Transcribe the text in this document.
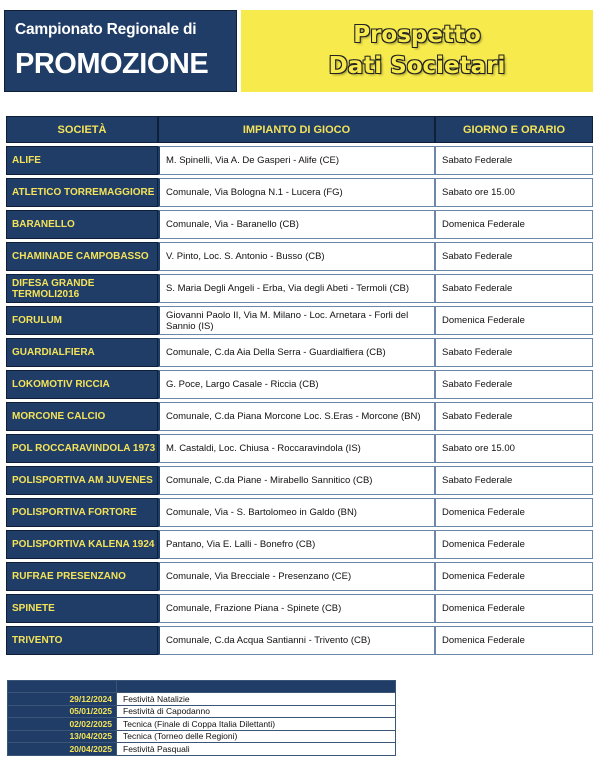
Campionato Regionale di
PROMOZIONE
Prospetto
Dati Societari
SOCIETÀ	IMPIANTO DI GIOCO	GIORNO E ORARIO
ALIFE	M. Spinelli, Via A. De Gasperi - Alife (CE)	Sabato Federale
ATLETICO TORREMAGGIORE	Comunale, Via Bologna N.1 - Lucera (FG)	Sabato ore 15.00
BARANELLO	Comunale, Via - Baranello (CB)	Domenica Federale
CHAMINADE CAMPOBASSO	V. Pinto, Loc. S. Antonio - Busso (CB)	Sabato Federale
DIFESA GRANDE TERMOLI2016	S. Maria Degli Angeli - Erba, Via degli Abeti - Termoli (CB)	Sabato Federale
FORULUM	Giovanni Paolo II, Via M. Milano - Loc. Arnetara - Forli del Sannio (IS)	Domenica Federale
GUARDIALFIERA	Comunale, C.da Aia Della Serra - Guardialfiera (CB)	Sabato Federale
LOKOMOTIV RICCIA	G. Poce, Largo Casale - Riccia (CB)	Sabato Federale
MORCONE CALCIO	Comunale, C.da Piana Morcone Loc. S.Eras - Morcone (BN)	Sabato Federale
POL ROCCARAVINDOLA 1973	M. Castaldi, Loc. Chiusa - Roccaravindola (IS)	Sabato ore 15.00
POLISPORTIVA AM JUVENES	Comunale, C.da Piane - Mirabello Sannitico (CB)	Sabato Federale
POLISPORTIVA FORTORE	Comunale, Via - S. Bartolomeo in Galdo (BN)	Domenica Federale
POLISPORTIVA KALENA 1924	Pantano, Via E. Lalli - Bonefro (CB)	Domenica Federale
RUFRAE PRESENZANO	Comunale, Via Brecciale - Presenzano (CE)	Domenica Federale
SPINETE	Comunale, Frazione Piana - Spinete (CB)	Domenica Federale
TRIVENTO	Comunale, C.da Acqua Santianni - Trivento (CB)	Domenica Federale

29/12/2024	Festività Natalizie
05/01/2025	Festività di Capodanno
02/02/2025	Tecnica (Finale di Coppa Italia Dilettanti)
13/04/2025	Tecnica (Torneo delle Regioni)
20/04/2025	Festività Pasquali
